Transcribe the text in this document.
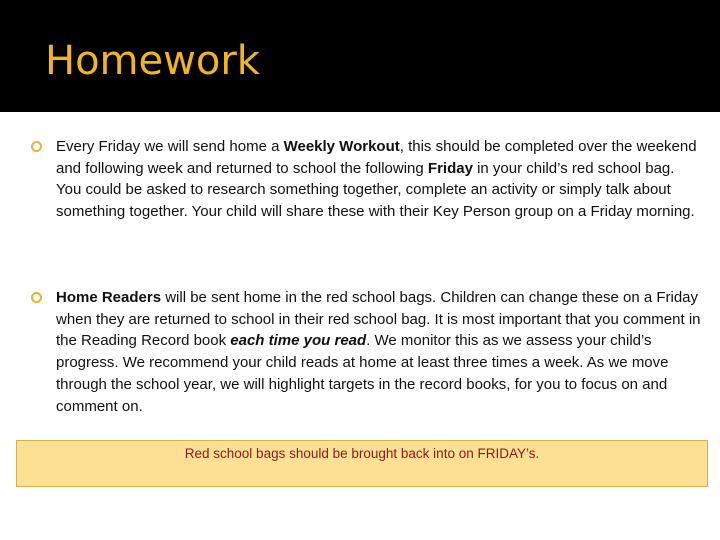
Homework
Every Friday we will send home a Weekly Workout, this should be completed over the weekend and following week and returned to school the following Friday in your child’s red school bag. You could be asked to research something together, complete an activity or simply talk about something together. Your child will share these with their Key Person group on a Friday morning.
Home Readers will be sent home in the red school bags. Children can change these on a Friday when they are returned to school in their red school bag. It is most important that you comment in the Reading Record book each time you read. We monitor this as we assess your child’s progress. We recommend your child reads at home at least three times a week. As we move through the school year, we will highlight targets in the record books, for you to focus on and comment on.
Red school bags should be brought back into on FRIDAY’s.
